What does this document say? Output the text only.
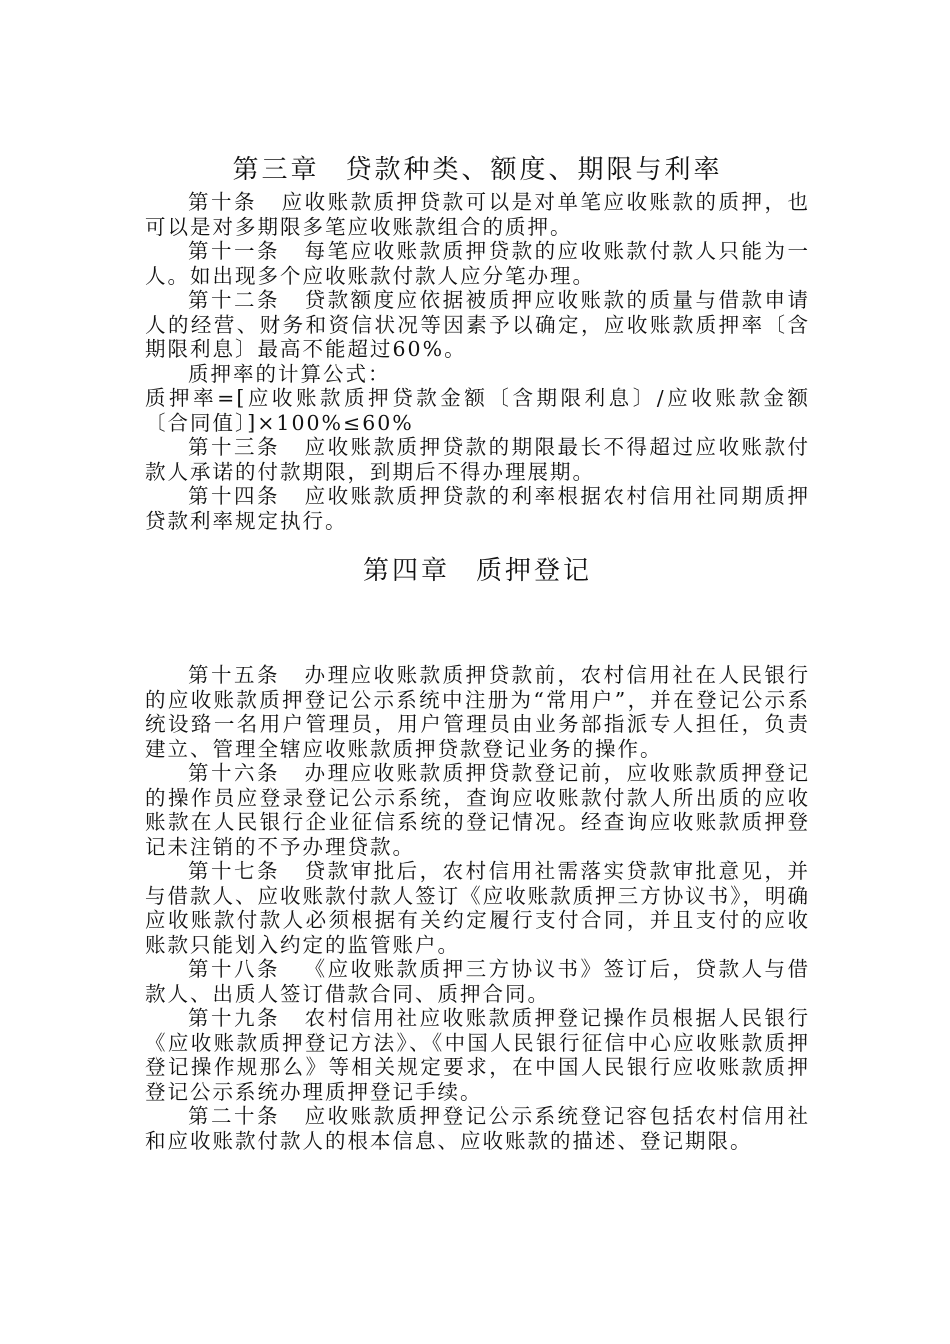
第三章 贷款种类、额度、期限与利率

第十条 应收账款质押贷款可以是对单笔应收账款的质押，也可以是对多期限多笔应收账款组合的质押。

第十一条 每笔应收账款质押贷款的应收账款付款人只能为一人。如出现多个应收账款付款人应分笔办理。

第十二条 贷款额度应依据被质押应收账款的质量与借款申请人的经营、财务和资信状况等因素予以确定，应收账款质押率〔含期限利息〕最高不能超过60%。

质押率的计算公式：

质押率=[应收账款质押贷款金额〔含期限利息〕/应收账款金额〔合同值〕]×100%≤60%

第十三条 应收账款质押贷款的期限最长不得超过应收账款付款人承诺的付款期限，到期后不得办理展期。

第十四条 应收账款质押贷款的利率根据农村信用社同期质押贷款利率规定执行。

第四章 质押登记

第十五条 办理应收账款质押贷款前，农村信用社在人民银行的应收账款质押登记公示系统中注册为“常用户”，并在登记公示系统设臵一名用户管理员，用户管理员由业务部指派专人担任，负责建立、管理全辖应收账款质押贷款登记业务的操作。

第十六条 办理应收账款质押贷款登记前，应收账款质押登记的操作员应登录登记公示系统，查询应收账款付款人所出质的应收账款在人民银行企业征信系统的登记情况。经查询应收账款质押登记未注销的不予办理贷款。

第十七条 贷款审批后，农村信用社需落实贷款审批意见，并与借款人、应收账款付款人签订《应收账款质押三方协议书》，明确应收账款付款人必须根据有关约定履行支付合同，并且支付的应收账款只能划入约定的监管账户。

第十八条 《应收账款质押三方协议书》签订后，贷款人与借款人、出质人签订借款合同、质押合同。

第十九条 农村信用社应收账款质押登记操作员根据人民银行《应收账款质押登记方法》、《中国人民银行征信中心应收账款质押登记操作规那么》等相关规定要求，在中国人民银行应收账款质押登记公示系统办理质押登记手续。

第二十条 应收账款质押登记公示系统登记容包括农村信用社和应收账款付款人的根本信息、应收账款的描述、登记期限。
